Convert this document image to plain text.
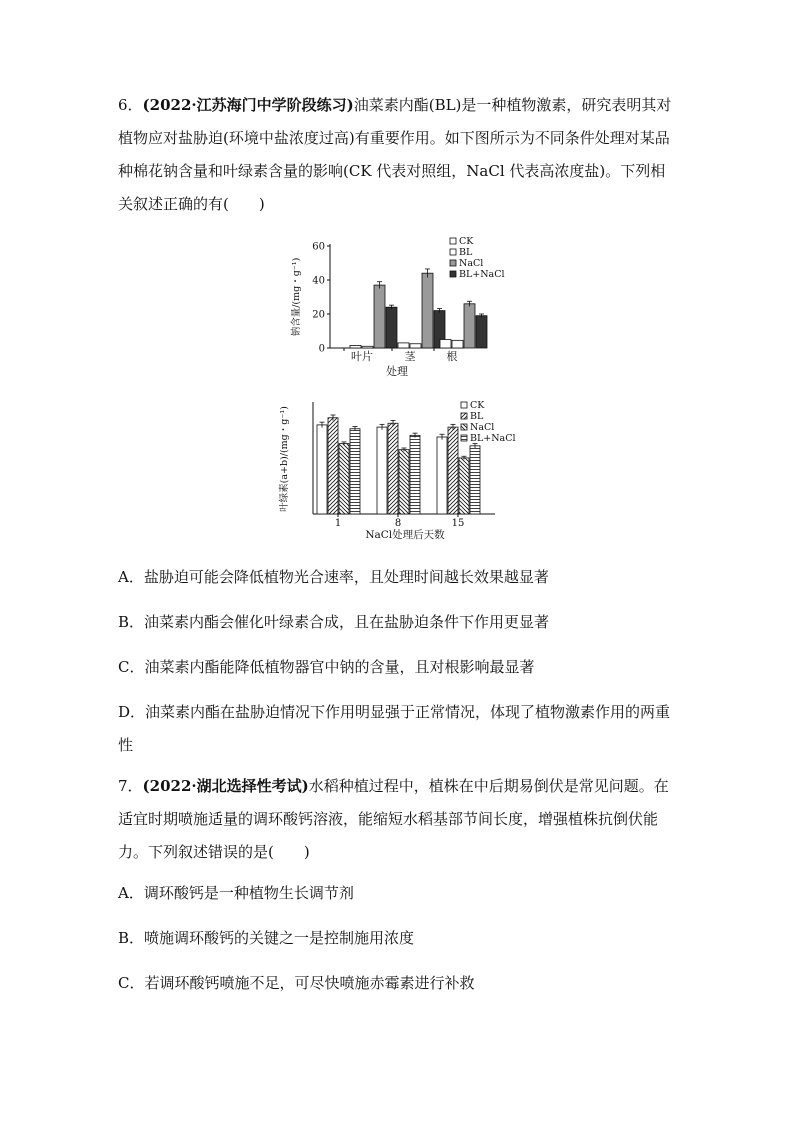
6．(2022·江苏海门中学阶段练习)油菜素内酯(BL)是一种植物激素，研究表明其对植物应对盐胁迫(环境中盐浓度过高)有重要作用。如下图所示为不同条件处理对某品种棉花钠含量和叶绿素含量的影响(CK 代表对照组，NaCl 代表高浓度盐)。下列相关叙述正确的有(　　)
0
20
40
60
钠含量/(mg・g⁻¹)
叶片	茎	根
处理
CK
BL
NaCl
BL+NaCl
叶绿素(a+b)/(mg・g⁻¹)
1	8	15
NaCl处理后天数
CK
BL
NaCl
BL+NaCl
A．盐胁迫可能会降低植物光合速率，且处理时间越长效果越显著
B．油菜素内酯会催化叶绿素合成，且在盐胁迫条件下作用更显著
C．油菜素内酯能降低植物器官中钠的含量，且对根影响最显著
D．油菜素内酯在盐胁迫情况下作用明显强于正常情况，体现了植物激素作用的两重性
7．(2022·湖北选择性考试)水稻种植过程中，植株在中后期易倒伏是常见问题。在适宜时期喷施适量的调环酸钙溶液，能缩短水稻基部节间长度，增强植株抗倒伏能力。下列叙述错误的是(　　)
A．调环酸钙是一种植物生长调节剂
B．喷施调环酸钙的关键之一是控制施用浓度
C．若调环酸钙喷施不足，可尽快喷施赤霉素进行补救
